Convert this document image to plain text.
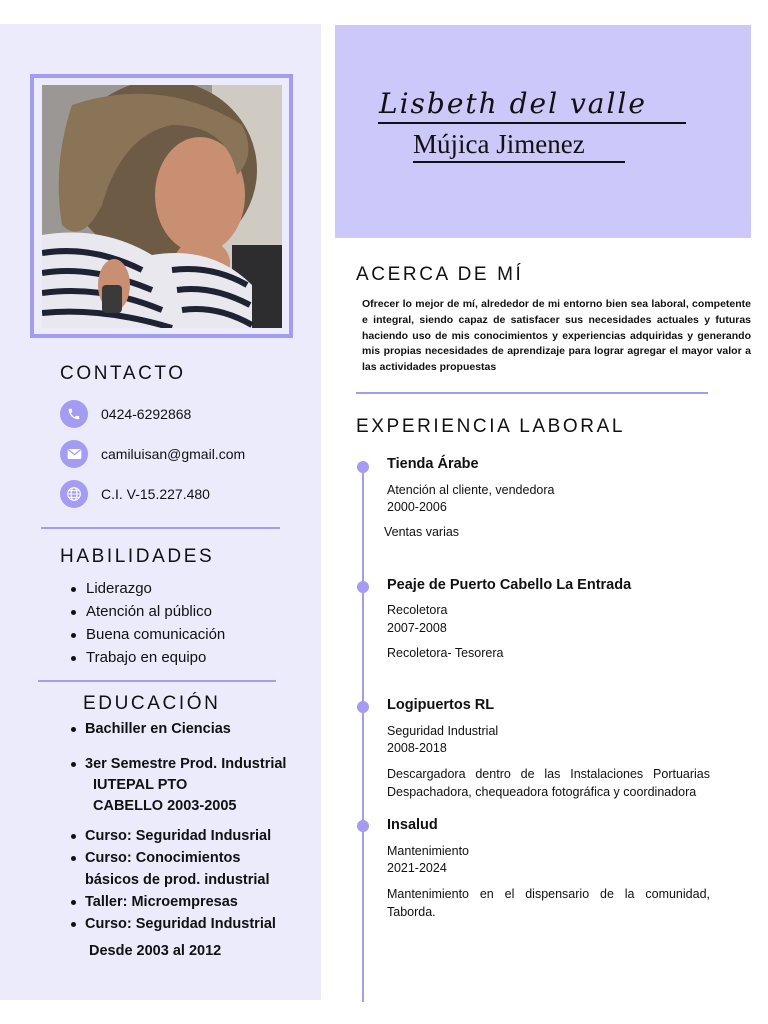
CONTACTO
0424-6292868
camiluisan@gmail.com
C.I. V-15.227.480
HABILIDADES
Liderazgo
Atención al público
Buena comunicación
Trabajo en equipo
EDUCACIÓN
Bachiller en Ciencias
3er Semestre Prod. Industrial
IUTEPAL PTO
CABELLO 2003-2005
Curso: Seguridad Indusrial
Curso: Conocimientos
básicos de prod. industrial
Taller: Microempresas
Curso: Seguridad Industrial
Desde 2003 al 2012
Lisbeth del valle
Mújica Jimenez
ACERCA DE MÍ
Ofrecer lo mejor de mí, alrededor de mi entorno bien sea laboral, competente e integral, siendo capaz de satisfacer sus necesidades actuales y futuras haciendo uso de mis conocimientos y experiencias adquiridas y generando mis propias necesidades de aprendizaje para lograr agregar el mayor valor a las actividades propuestas
EXPERIENCIA LABORAL
Tienda Árabe
Atención al cliente, vendedora
2000-2006
Ventas varias
Peaje de Puerto Cabello La Entrada
Recoletora
2007-2008
Recoletora- Tesorera
Logipuertos RL
Seguridad Industrial
2008-2018
Descargadora dentro de las Instalaciones Portuarias Despachadora, chequeadora fotográfica y coordinadora
Insalud
Mantenimiento
2021-2024
Mantenimiento en el dispensario de la comunidad, Taborda.
